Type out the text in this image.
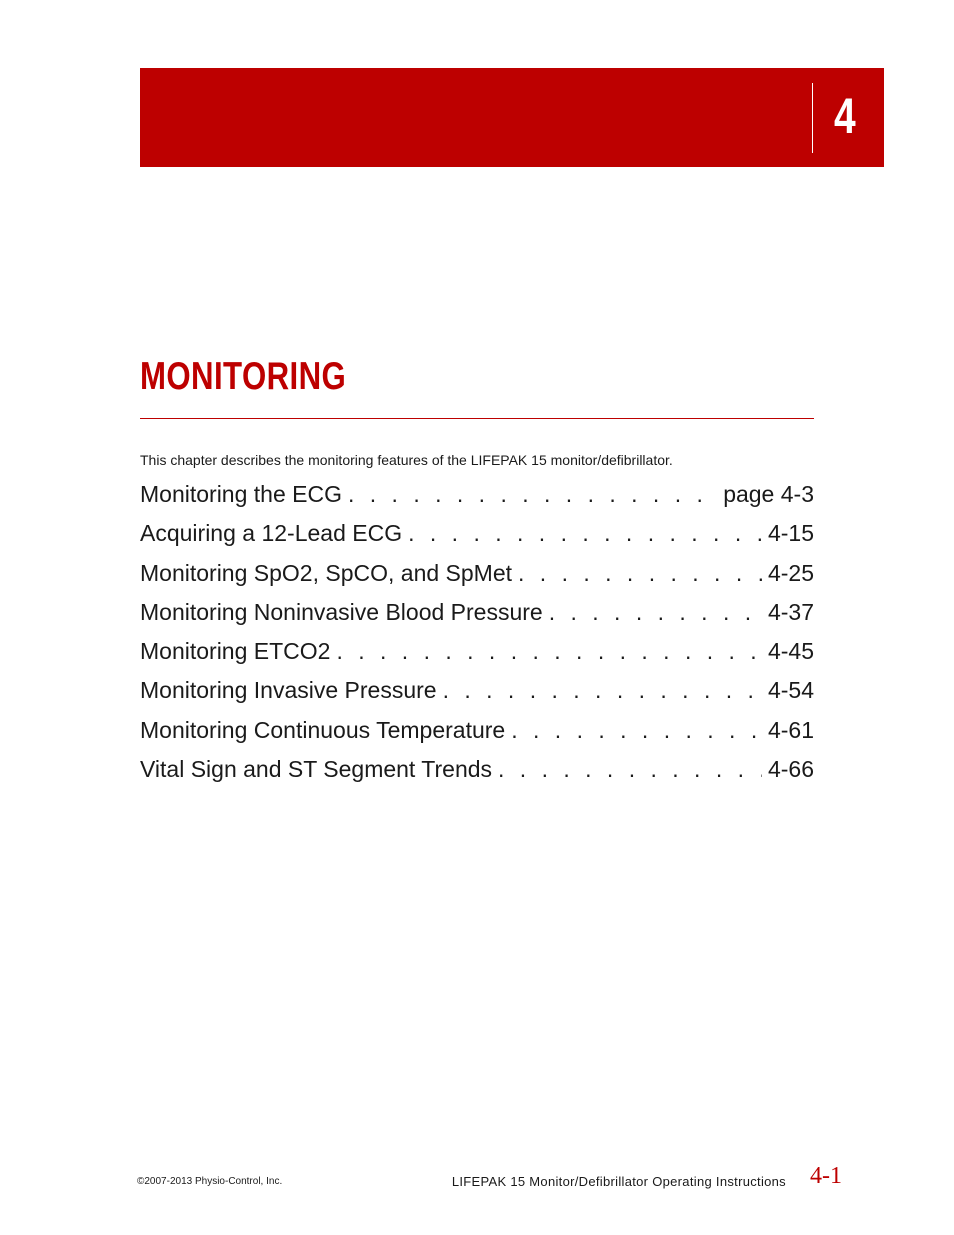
4
MONITORING

This chapter describes the monitoring features of the LIFEPAK 15 monitor/defibrillator.

Monitoring the ECG . . .	page 4-3
Acquiring a 12-Lead ECG . . .	4-15
Monitoring SpO2, SpCO, and SpMet . . .	4-25
Monitoring Noninvasive Blood Pressure . . .	4-37
Monitoring ETCO2 . . .	4-45
Monitoring Invasive Pressure . . .	4-54
Monitoring Continuous Temperature . . .	4-61
Vital Sign and ST Segment Trends . . .	4-66
©2007-2013 Physio-Control, Inc.	LIFEPAK 15 Monitor/Defibrillator Operating Instructions 4-1
